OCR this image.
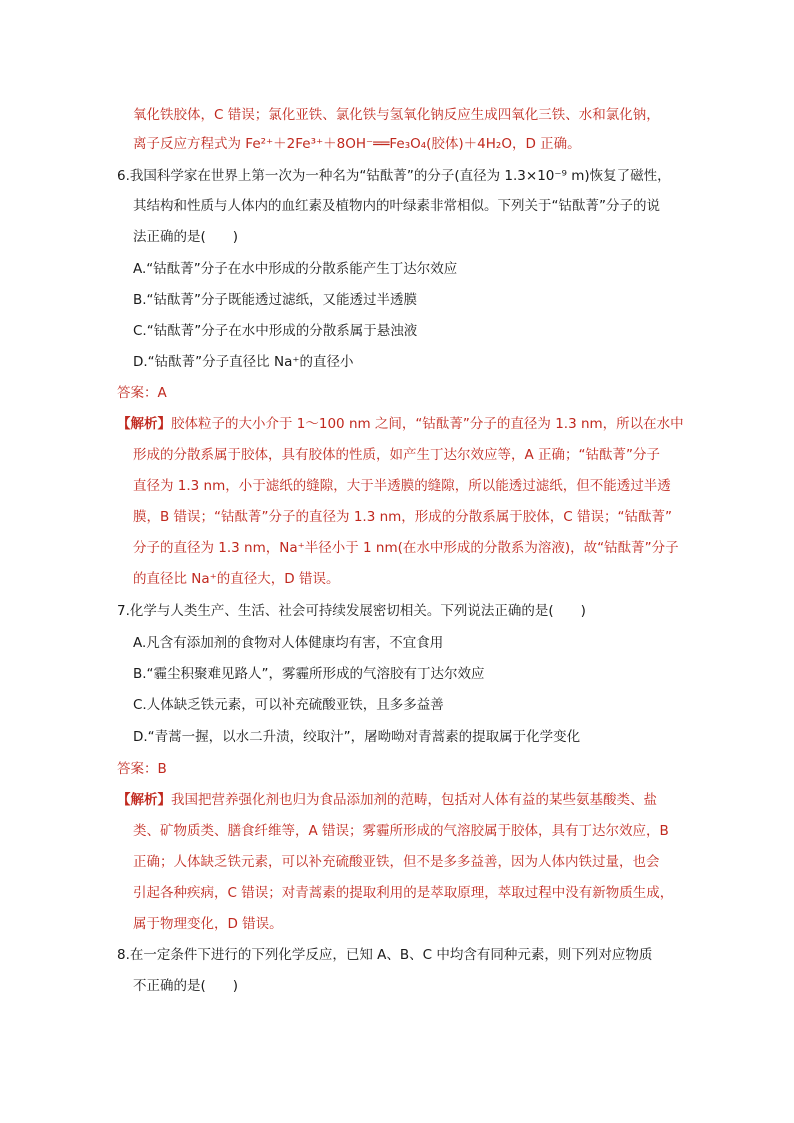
氧化铁胶体，C 错误；氯化亚铁、氯化铁与氢氧化钠反应生成四氧化三铁、水和氯化钠，
离子反应方程式为 Fe²⁺＋2Fe³⁺＋8OH⁻══Fe₃O₄(胶体)＋4H₂O，D 正确。
6.我国科学家在世界上第一次为一种名为“钴酞菁”的分子(直径为 1.3×10⁻⁹ m)恢复了磁性，
其结构和性质与人体内的血红素及植物内的叶绿素非常相似。下列关于“钴酞菁”分子的说
法正确的是(　　)
A.“钴酞菁”分子在水中形成的分散系能产生丁达尔效应
B.“钴酞菁”分子既能透过滤纸，又能透过半透膜
C.“钴酞菁”分子在水中形成的分散系属于悬浊液
D.“钴酞菁”分子直径比 Na⁺的直径小
答案：A
【解析】胶体粒子的大小介于 1～100 nm 之间，“钴酞菁”分子的直径为 1.3 nm，所以在水中
形成的分散系属于胶体，具有胶体的性质，如产生丁达尔效应等，A 正确；“钴酞菁”分子
直径为 1.3 nm，小于滤纸的缝隙，大于半透膜的缝隙，所以能透过滤纸，但不能透过半透
膜，B 错误；“钴酞菁”分子的直径为 1.3 nm，形成的分散系属于胶体，C 错误；“钴酞菁”
分子的直径为 1.3 nm，Na⁺半径小于 1 nm(在水中形成的分散系为溶液)，故“钴酞菁”分子
的直径比 Na⁺的直径大，D 错误。
7.化学与人类生产、生活、社会可持续发展密切相关。下列说法正确的是(　　)
A.凡含有添加剂的食物对人体健康均有害，不宜食用
B.“霾尘积聚难见路人”，雾霾所形成的气溶胶有丁达尔效应
C.人体缺乏铁元素，可以补充硫酸亚铁，且多多益善
D.“青蒿一握，以水二升渍，绞取汁”，屠呦呦对青蒿素的提取属于化学变化
答案：B
【解析】我国把营养强化剂也归为食品添加剂的范畴，包括对人体有益的某些氨基酸类、盐
类、矿物质类、膳食纤维等，A 错误；雾霾所形成的气溶胶属于胶体，具有丁达尔效应，B
正确；人体缺乏铁元素，可以补充硫酸亚铁，但不是多多益善，因为人体内铁过量，也会
引起各种疾病，C 错误；对青蒿素的提取利用的是萃取原理，萃取过程中没有新物质生成，
属于物理变化，D 错误。
8.在一定条件下进行的下列化学反应，已知 A、B、C 中均含有同种元素，则下列对应物质
不正确的是(　　)
